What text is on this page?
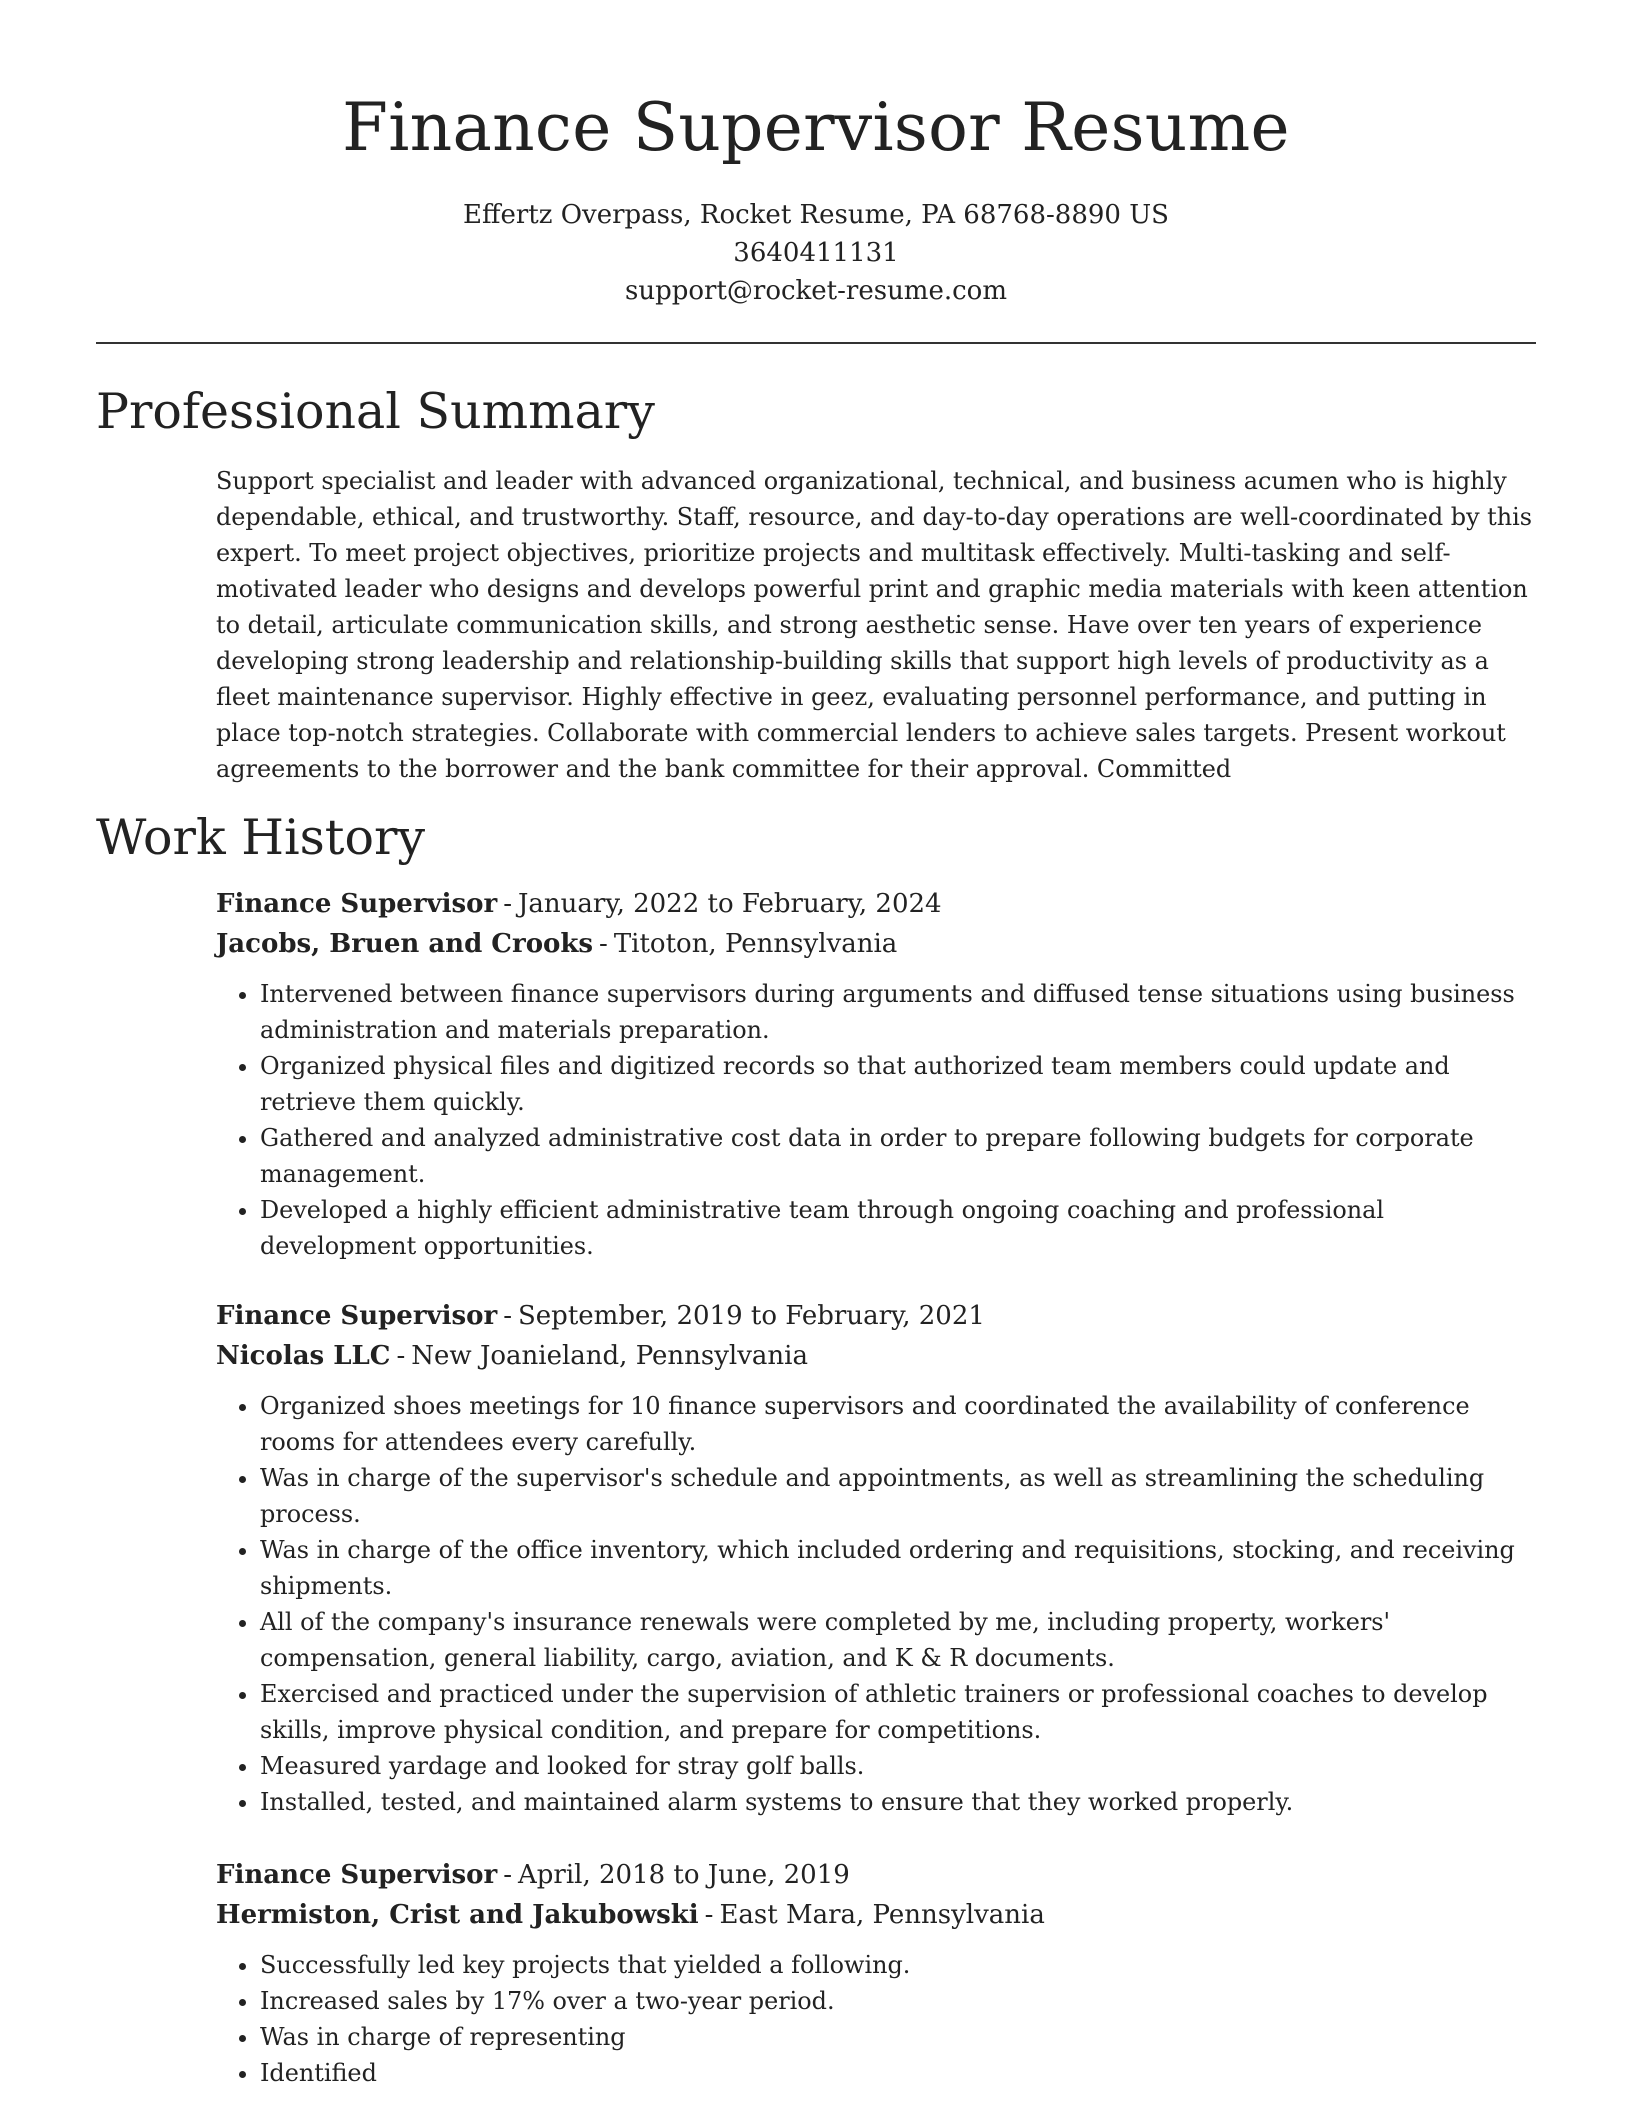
Finance Supervisor Resume
Effertz Overpass, Rocket Resume, PA 68768-8890 US
3640411131
support@rocket-resume.com
Professional Summary

Support specialist and leader with advanced organizational, technical, and business acumen who is highly dependable, ethical, and trustworthy. Staff, resource, and day-to-day operations are well-coordinated by this expert. To meet project objectives, prioritize projects and multitask effectively. Multi-tasking and self-motivated leader who designs and develops powerful print and graphic media materials with keen attention to detail, articulate communication skills, and strong aesthetic sense. Have over ten years of experience developing strong leadership and relationship-building skills that support high levels of productivity as a fleet maintenance supervisor. Highly effective in geez, evaluating personnel performance, and putting in place top-notch strategies. Collaborate with commercial lenders to achieve sales targets. Present workout agreements to the borrower and the bank committee for their approval. Committed

Work History
Finance Supervisor - January, 2022 to February, 2024
Jacobs, Bruen and Crooks - Titoton, Pennsylvania
• Intervened between finance supervisors during arguments and diffused tense situations using business administration and materials preparation.
• Organized physical files and digitized records so that authorized team members could update and retrieve them quickly.
• Gathered and analyzed administrative cost data in order to prepare following budgets for corporate management.
• Developed a highly efficient administrative team through ongoing coaching and professional development opportunities.
Finance Supervisor - September, 2019 to February, 2021
Nicolas LLC - New Joanieland, Pennsylvania
• Organized shoes meetings for 10 finance supervisors and coordinated the availability of conference rooms for attendees every carefully.
• Was in charge of the supervisor's schedule and appointments, as well as streamlining the scheduling process.
• Was in charge of the office inventory, which included ordering and requisitions, stocking, and receiving shipments.
• All of the company's insurance renewals were completed by me, including property, workers' compensation, general liability, cargo, aviation, and K & R documents.
• Exercised and practiced under the supervision of athletic trainers or professional coaches to develop skills, improve physical condition, and prepare for competitions.
• Measured yardage and looked for stray golf balls.
• Installed, tested, and maintained alarm systems to ensure that they worked properly.
Finance Supervisor - April, 2018 to June, 2019
Hermiston, Crist and Jakubowski - East Mara, Pennsylvania
• Successfully led key projects that yielded a following.
• Increased sales by 17% over a two-year period.
• Was in charge of representing
• Identified
